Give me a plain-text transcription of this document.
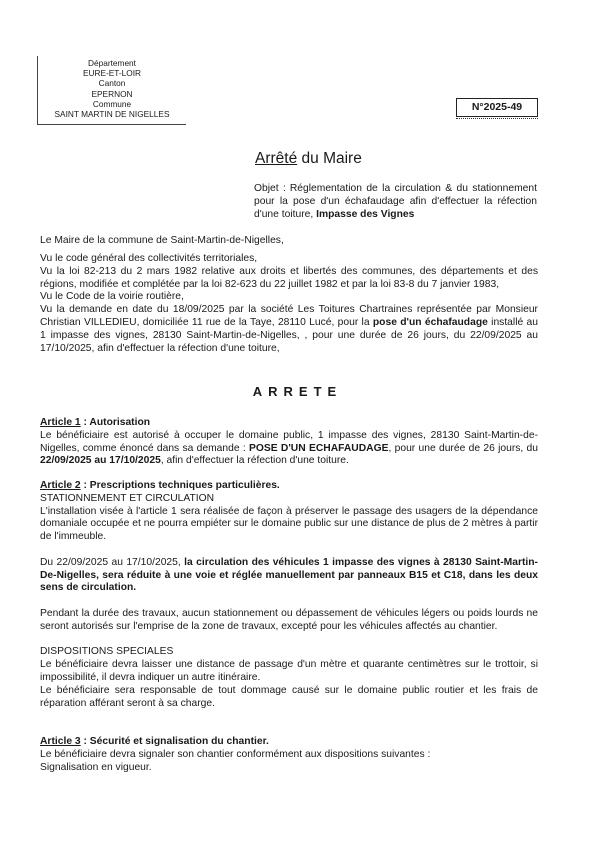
Département
EURE-ET-LOIR
Canton
EPERNON
Commune
SAINT MARTIN DE NIGELLES
N°2025-49
Arrêté du Maire
Objet : Réglementation de la circulation & du stationnement pour la pose d'un échafaudage afin d'effectuer la réfection d'une toiture, Impasse des Vignes
Le Maire de la commune de Saint-Martin-de-Nigelles,

Vu le code général des collectivités territoriales,

Vu la loi 82-213 du 2 mars 1982 relative aux droits et libertés des communes, des départements et des régions, modifiée et complétée par la loi 82-623 du 22 juillet 1982 et par la loi 83-8 du 7 janvier 1983,

Vu le Code de la voirie routière,

Vu la demande en date du 18/09/2025 par la société Les Toitures Chartraines représentée par Monsieur Christian VILLEDIEU, domiciliée 11 rue de la Taye, 28110 Lucé, pour la pose d'un échafaudage installé au 1 impasse des vignes, 28130 Saint-Martin-de-Nigelles, , pour une durée de 26 jours, du 22/09/2025 au 17/10/2025, afin d'effectuer la réfection d'une toiture,

ARRETE
Article 1 : Autorisation

Le bénéficiaire est autorisé à occuper le domaine public, 1 impasse des vignes, 28130 Saint-Martin-de-Nigelles, comme énoncé dans sa demande : POSE D'UN ECHAFAUDAGE, pour une durée de 26 jours, du 22/09/2025 au 17/10/2025, afin d'effectuer la réfection d'une toiture.

Article 2 : Prescriptions techniques particulières.

STATIONNEMENT ET CIRCULATION

L'installation visée à l'article 1 sera réalisée de façon à préserver le passage des usagers de la dépendance domaniale occupée et ne pourra empiéter sur le domaine public sur une distance de plus de 2 mètres à partir de l'immeuble.

Du 22/09/2025 au 17/10/2025, la circulation des véhicules 1 impasse des vignes à 28130 Saint-Martin-De-Nigelles, sera réduite à une voie et réglée manuellement par panneaux B15 et C18, dans les deux sens de circulation.

Pendant la durée des travaux, aucun stationnement ou dépassement de véhicules légers ou poids lourds ne seront autorisés sur l'emprise de la zone de travaux, excepté pour les véhicules affectés au chantier.

DISPOSITIONS SPECIALES

Le bénéficiaire devra laisser une distance de passage d'un mètre et quarante centimètres sur le trottoir, si impossibilité, il devra indiquer un autre itinéraire.

Le bénéficiaire sera responsable de tout dommage causé sur le domaine public routier et les frais de réparation afférant seront à sa charge.

Article 3 : Sécurité et signalisation du chantier.

Le bénéficiaire devra signaler son chantier conformément aux dispositions suivantes :

Signalisation en vigueur.
